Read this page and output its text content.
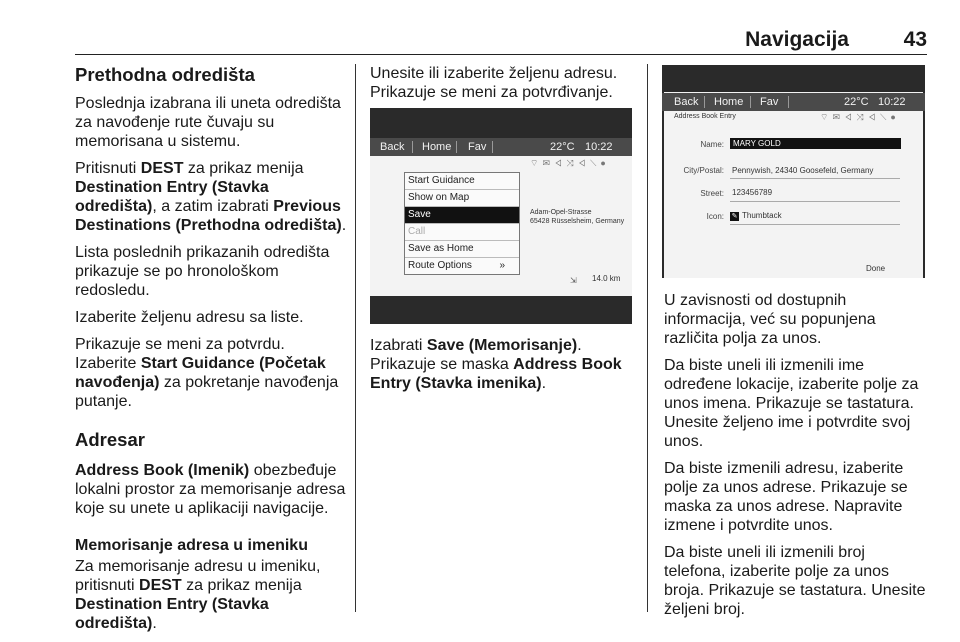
Navigacija	43
Prethodna odredišta

Poslednja izabrana ili uneta odredišta za navođenje rute čuvaju su memorisana u sistemu.

Pritisnuti DEST za prikaz menija Destination Entry (Stavka odredišta), a zatim izabrati Previous Destinations (Prethodna odredišta).

Lista poslednih prikazanih odredišta prikazuje se po hronološkom redosledu.

Izaberite željenu adresu sa liste.

Prikazuje se meni za potvrdu. Izaberite Start Guidance (Početak navođenja) za pokretanje navođenja putanje.

Adresar

Address Book (Imenik) obezbeđuje lokalni prostor za memorisanje adresa koje su unete u aplikaciji navigacije.

Memorisanje adresa u imeniku

Za memorisanje adresu u imeniku, pritisnuti DEST za prikaz menija Destination Entry (Stavka odredišta).

Unesite ili izaberite željenu adresu. Prikazuje se meni za potvrđivanje.

Back Home Fav	22°C 10:22
⌔✉◃⤨◃⟍●
Start Guidance
Show on Map
Save
Call
Save as Home
Route Options	»
Adam-Opel-Strasse
65428 Rüsselsheim, Germany
⇲ 14.0 km

Izabrati Save (Memorisanje). Prikazuje se maska Address Book Entry (Stavka imenika).

Back Home Fav	22°C 10:22
Address Book Entry	⌔✉◃⤨◃⟍●
Name:	MARY GOLD
City/Postal: Pennywish, 24340 Goosefeld, Germany
Street: 123456789
Icon: ✎ Thumbtack
Done

U zavisnosti od dostupnih informacija, već su popunjena različita polja za unos.

Da biste uneli ili izmenili ime određene lokacije, izaberite polje za unos imena. Prikazuje se tastatura. Unesite željeno ime i potvrdite svoj unos.

Da biste izmenili adresu, izaberite polje za unos adrese. Prikazuje se maska za unos adrese. Napravite izmene i potvrdite unos.

Da biste uneli ili izmenili broj telefona, izaberite polje za unos broja. Prikazuje se tastatura. Unesite željeni broj.
